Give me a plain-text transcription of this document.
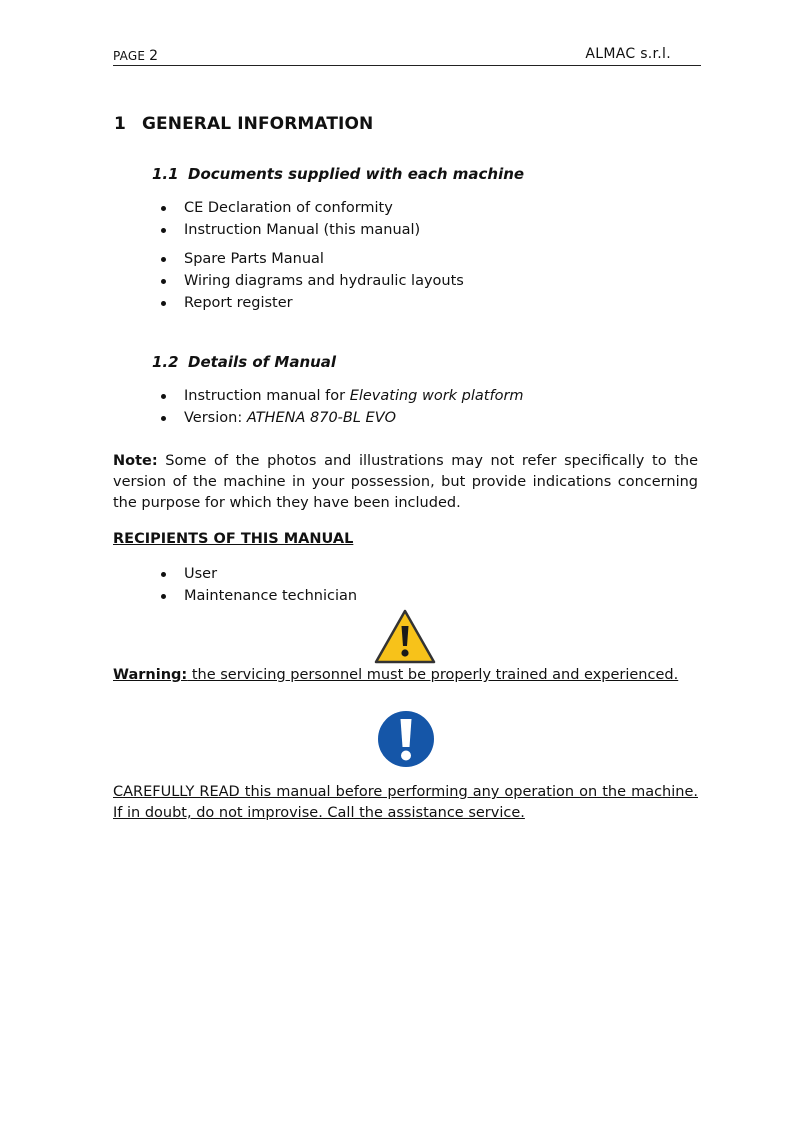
PAGE 2	ALMAC s.r.l.
1 GENERAL INFORMATION
1.1 Documents supplied with each machine
CE Declaration of conformity
Instruction Manual (this manual)
Spare Parts Manual
Wiring diagrams and hydraulic layouts
Report register
1.2 Details of Manual
Instruction manual for Elevating work platform
Version: ATHENA 870-BL EVO
Note: Some of the photos and illustrations may not refer specifically to the version of the machine in your possession, but provide indications concerning the purpose for which they have been included.
RECIPIENTS OF THIS MANUAL
User
Maintenance technician
Warning: the servicing personnel must be properly trained and experienced.
CAREFULLY READ this manual before performing any operation on the machine.
If in doubt, do not improvise. Call the assistance service.
